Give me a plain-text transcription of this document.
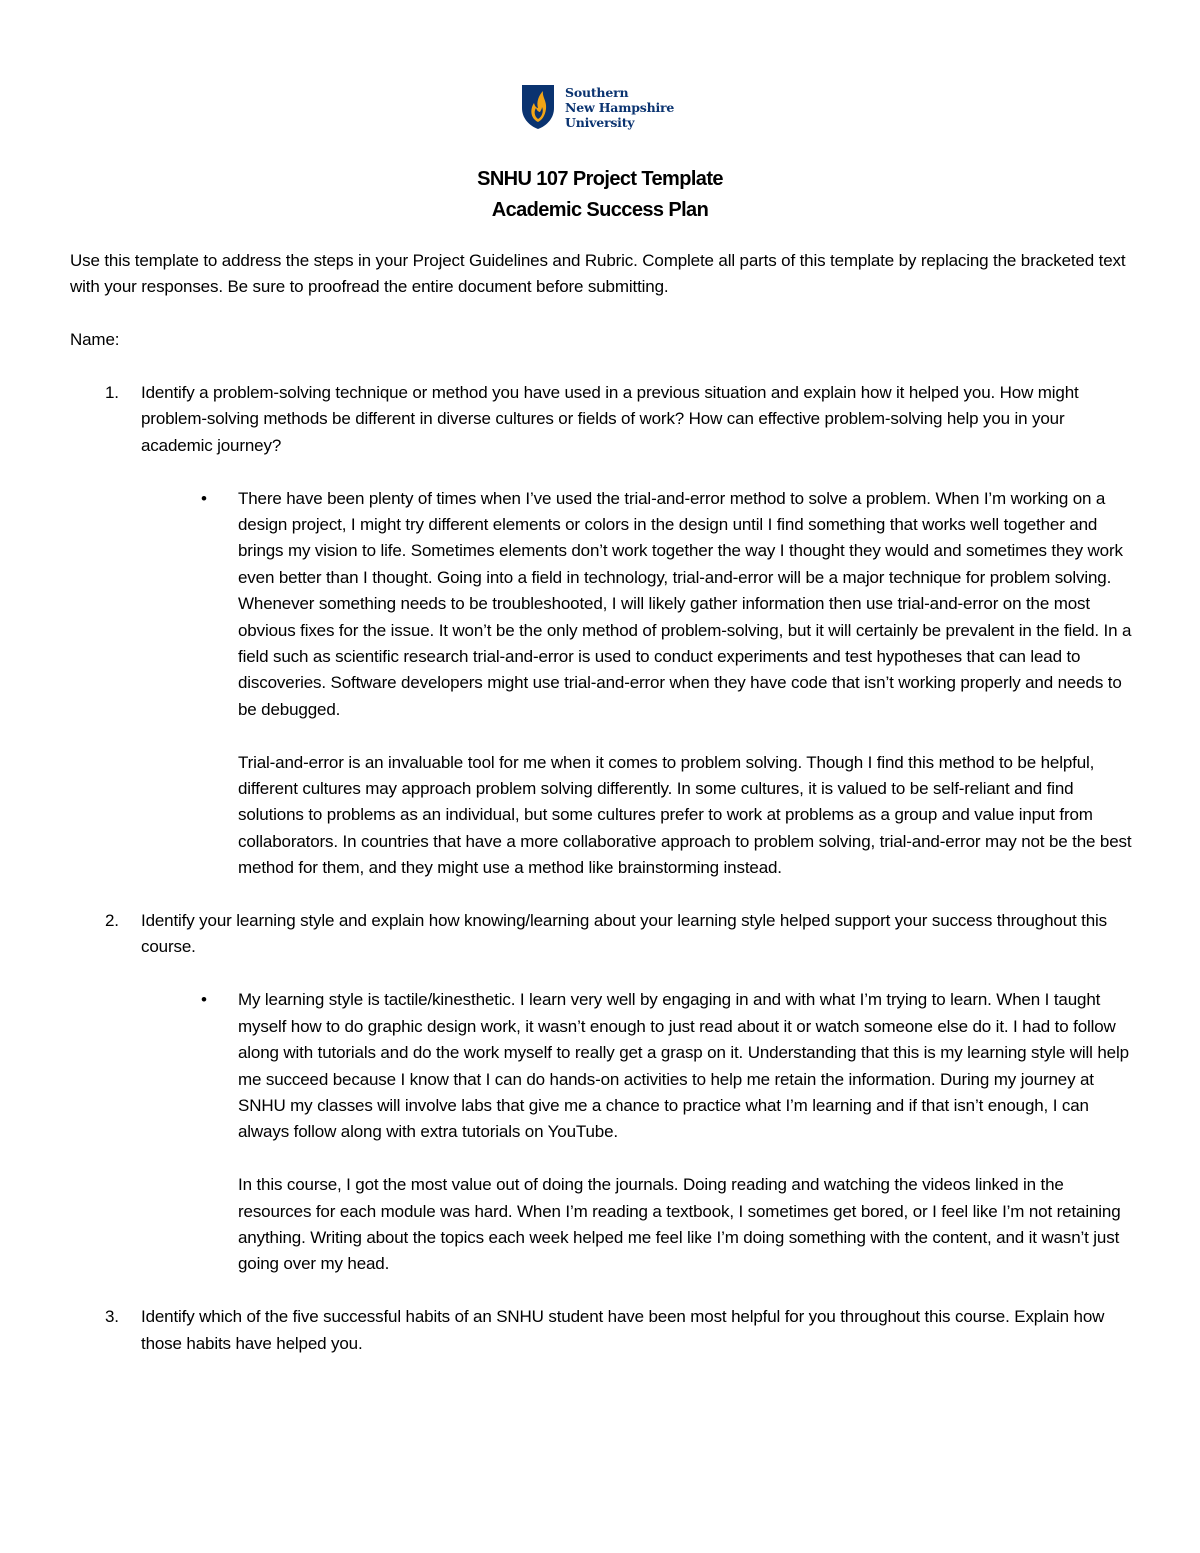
Southern
New Hampshire
University
SNHU 107 Project Template
Academic Success Plan

Use this template to address the steps in your Project Guidelines and Rubric. Complete all parts of this template by replacing the bracketed text with your responses. Be sure to proofread the entire document before submitting.

Name:

1. Identify a problem-solving technique or method you have used in a previous situation and explain how it helped you. How might problem-solving methods be different in diverse cultures or fields of work? How can effective problem-solving help you in your academic journey?

• There have been plenty of times when I’ve used the trial-and-error method to solve a problem. When I’m working on a design project, I might try different elements or colors in the design until I find something that works well together and brings my vision to life. Sometimes elements don’t work together the way I thought they would and sometimes they work even better than I thought. Going into a field in technology, trial-and-error will be a major technique for problem solving. Whenever something needs to be troubleshooted, I will likely gather information then use trial-and-error on the most obvious fixes for the issue. It won’t be the only method of problem-solving, but it will certainly be prevalent in the field. In a field such as scientific research trial-and-error is used to conduct experiments and test hypotheses that can lead to discoveries. Software developers might use trial-and-error when they have code that isn’t working properly and needs to be debugged.

Trial-and-error is an invaluable tool for me when it comes to problem solving. Though I find this method to be helpful, different cultures may approach problem solving differently. In some cultures, it is valued to be self-reliant and find solutions to problems as an individual, but some cultures prefer to work at problems as a group and value input from collaborators. In countries that have a more collaborative approach to problem solving, trial-and-error may not be the best method for them, and they might use a method like brainstorming instead.

2. Identify your learning style and explain how knowing/learning about your learning style helped support your success throughout this course.

• My learning style is tactile/kinesthetic. I learn very well by engaging in and with what I’m trying to learn. When I taught myself how to do graphic design work, it wasn’t enough to just read about it or watch someone else do it. I had to follow along with tutorials and do the work myself to really get a grasp on it. Understanding that this is my learning style will help me succeed because I know that I can do hands-on activities to help me retain the information. During my journey at SNHU my classes will involve labs that give me a chance to practice what I’m learning and if that isn’t enough, I can always follow along with extra tutorials on YouTube.

In this course, I got the most value out of doing the journals. Doing reading and watching the videos linked in the resources for each module was hard. When I’m reading a textbook, I sometimes get bored, or I feel like I’m not retaining anything. Writing about the topics each week helped me feel like I’m doing something with the content, and it wasn’t just going over my head.

3. Identify which of the five successful habits of an SNHU student have been most helpful for you throughout this course. Explain how those habits have helped you.
